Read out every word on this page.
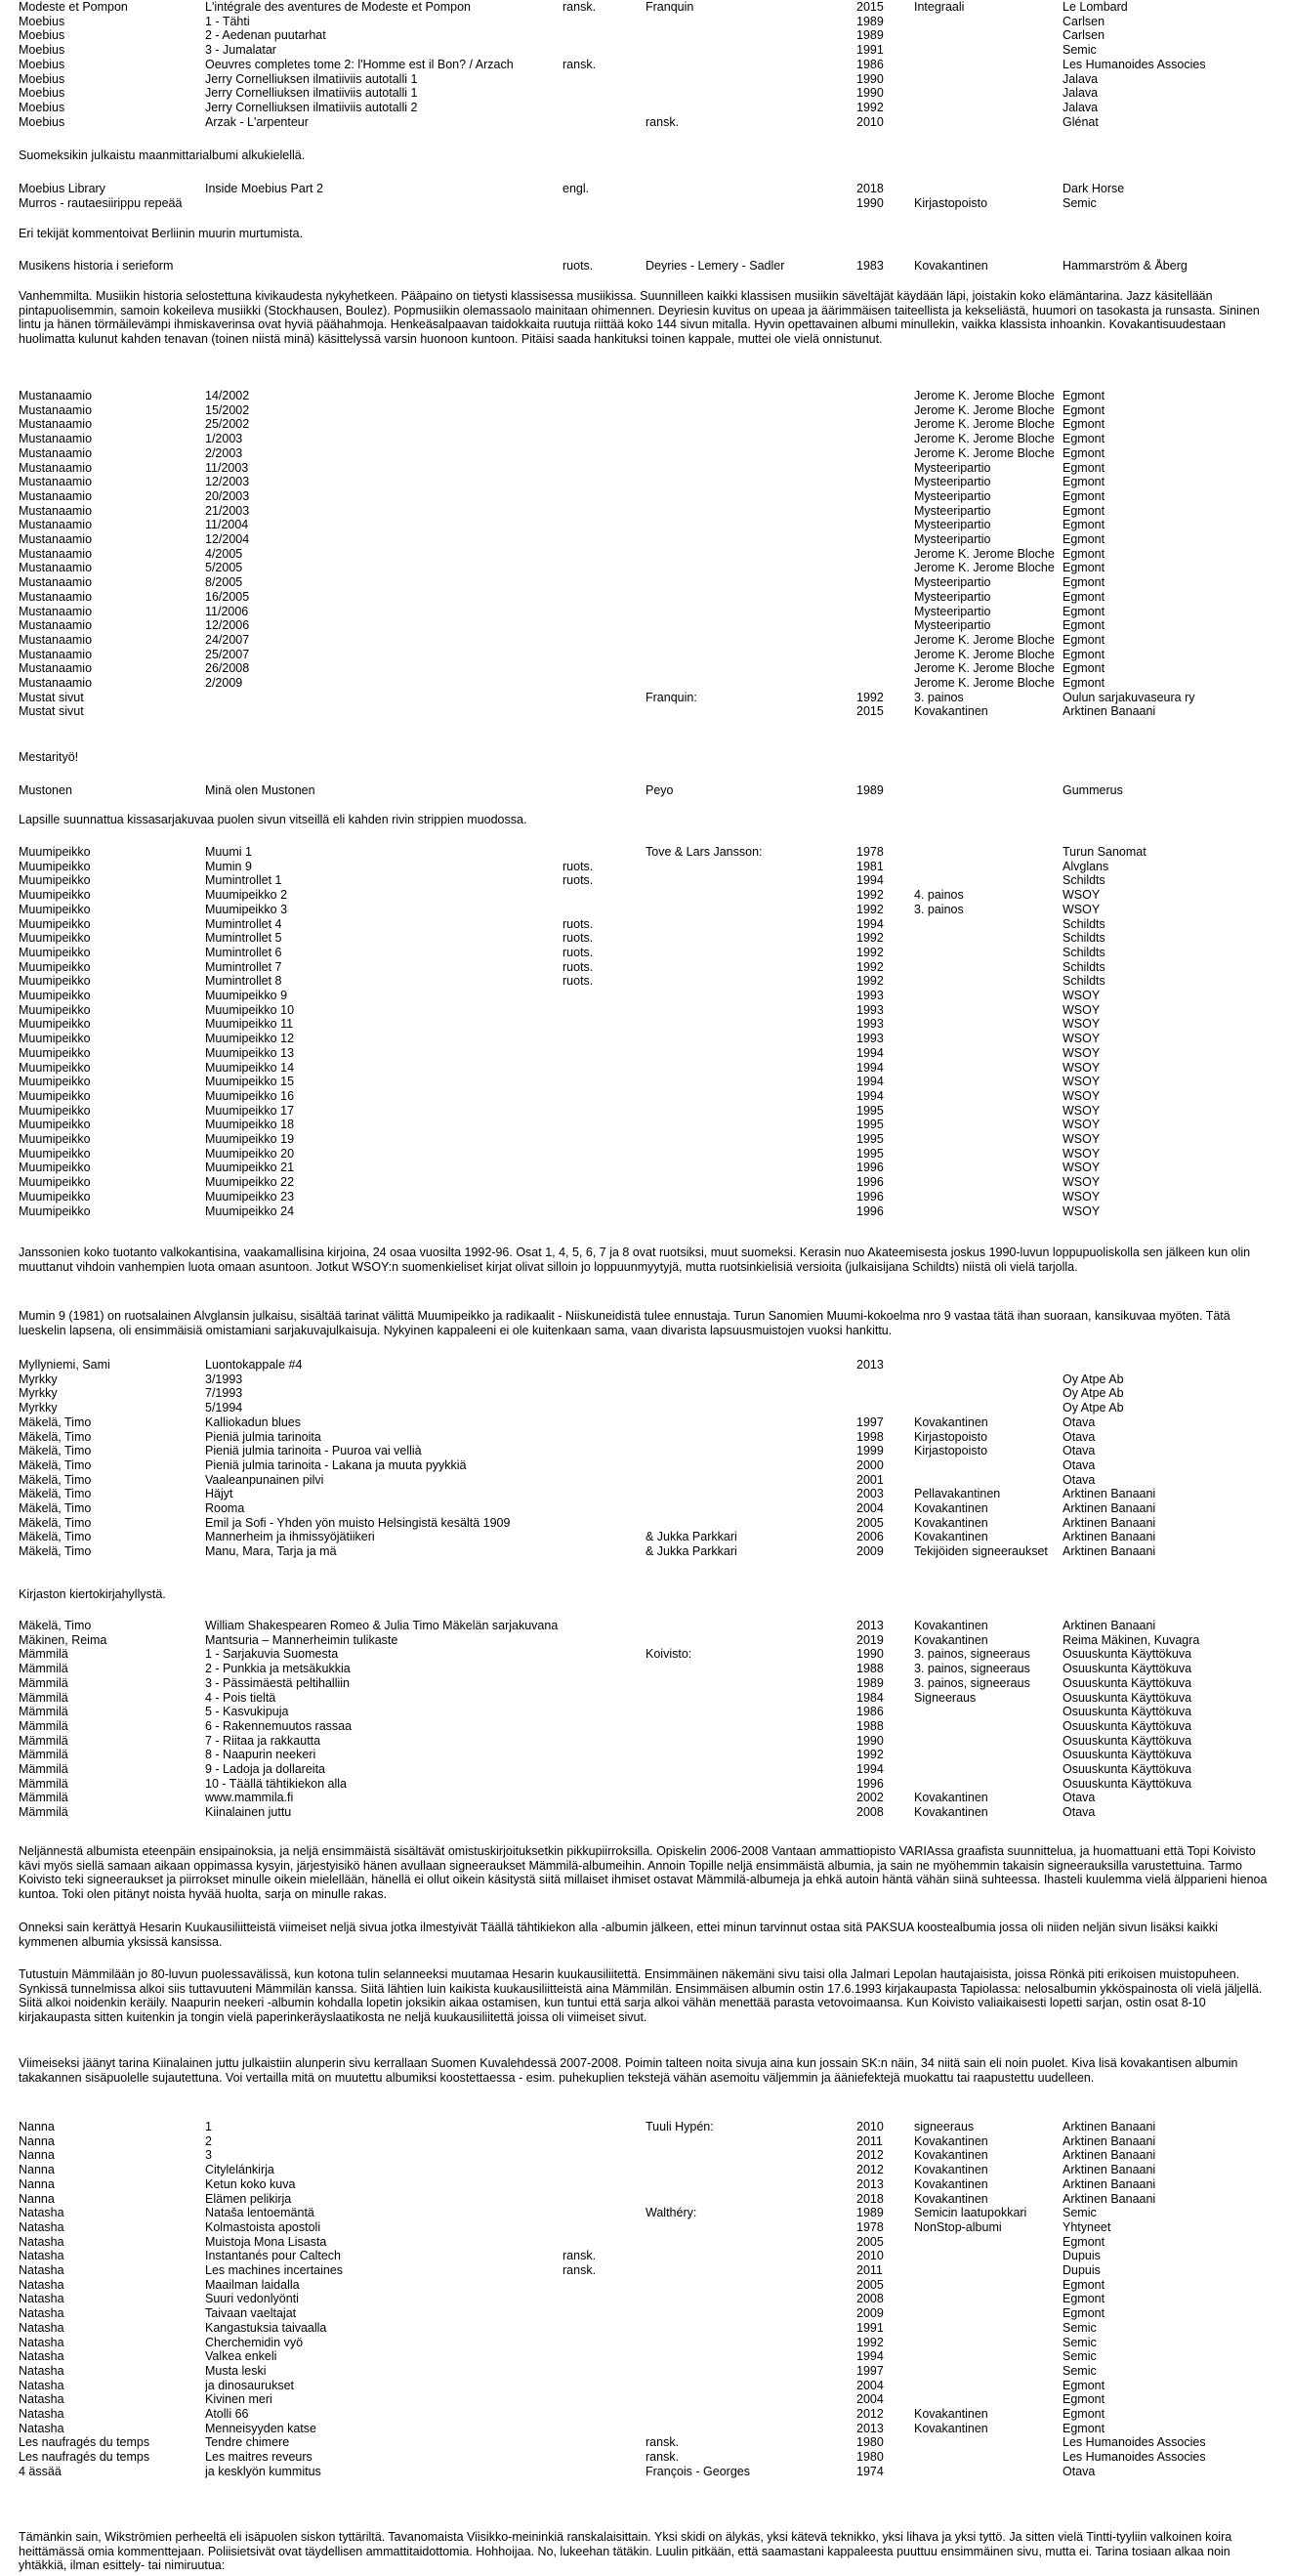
Modeste et Pompon	L'intégrale des aventures de Modeste et Pompon	ransk.	Franquin	2015	Integraali	Le Lombard
Moebius	1 - Tähti			1989		Carlsen
Moebius	2 - Aedenan puutarhat			1989		Carlsen
Moebius	3 - Jumalatar			1991		Semic
Moebius	Oeuvres completes tome 2: l'Homme est il Bon? / Arzach	ransk.		1986		Les Humanoides Associes
Moebius	Jerry Cornelliuksen ilmatiiviis autotalli 1			1990		Jalava
Moebius	Jerry Cornelliuksen ilmatiiviis autotalli 1			1990		Jalava
Moebius	Jerry Cornelliuksen ilmatiiviis autotalli 2			1992		Jalava
Moebius	Arzak - L'arpenteur		ransk.	2010		Glénat

Suomeksikin julkaistu maanmittarialbumi alkukielellä.

Moebius Library	Inside Moebius Part 2	engl.		2018		Dark Horse
Murros - rautaesiirippu repeää				1990	Kirjastopoisto	Semic

Eri tekijät kommentoivat Berliinin muurin murtumista.

Musikens historia i serieform		ruots.	Deyries - Lemery - Sadler	1983	Kovakantinen	Hammarström & Åberg

Vanhemmilta. Musiikin historia selostettuna kivikaudesta nykyhetkeen. Pääpaino on tietysti klassisessa musiikissa. Suunnilleen kaikki klassisen musiikin säveltäjät käydään läpi, joistakin koko elämäntarina. Jazz käsitellään pintapuolisemmin, samoin kokeileva musiikki (Stockhausen, Boulez). Popmusiikin olemassaolo mainitaan ohimennen. Deyriesin kuvitus on upeaa ja äärimmäisen taiteellista ja kekseliästä, huumori on tasokasta ja runsasta. Sininen lintu ja hänen törmäilevämpi ihmiskaverinsa ovat hyviä päähahmoja. Henkeäsalpaavan taidokkaita ruutuja riittää koko 144 sivun mitalla. Hyvin opettavainen albumi minullekin, vaikka klassista inhoankin. Kovakantisuudestaan huolimatta kulunut kahden tenavan (toinen niistä minä) käsittelyssä varsin huonoon kuntoon. Pitäisi saada hankituksi toinen kappale, muttei ole vielä onnistunut.

Mustanaamio	14/2002				Jerome K. Jerome Bloche	Egmont
Mustanaamio	15/2002				Jerome K. Jerome Bloche	Egmont
Mustanaamio	25/2002				Jerome K. Jerome Bloche	Egmont
Mustanaamio	1/2003				Jerome K. Jerome Bloche	Egmont
Mustanaamio	2/2003				Jerome K. Jerome Bloche	Egmont
Mustanaamio	11/2003				Mysteeripartio	Egmont
Mustanaamio	12/2003				Mysteeripartio	Egmont
Mustanaamio	20/2003				Mysteeripartio	Egmont
Mustanaamio	21/2003				Mysteeripartio	Egmont
Mustanaamio	11/2004				Mysteeripartio	Egmont
Mustanaamio	12/2004				Mysteeripartio	Egmont
Mustanaamio	4/2005				Jerome K. Jerome Bloche	Egmont
Mustanaamio	5/2005				Jerome K. Jerome Bloche	Egmont
Mustanaamio	8/2005				Mysteeripartio	Egmont
Mustanaamio	16/2005				Mysteeripartio	Egmont
Mustanaamio	11/2006				Mysteeripartio	Egmont
Mustanaamio	12/2006				Mysteeripartio	Egmont
Mustanaamio	24/2007				Jerome K. Jerome Bloche	Egmont
Mustanaamio	25/2007				Jerome K. Jerome Bloche	Egmont
Mustanaamio	26/2008				Jerome K. Jerome Bloche	Egmont
Mustanaamio	2/2009				Jerome K. Jerome Bloche	Egmont
Mustat sivut			Franquin:	1992	3. painos	Oulun sarjakuvaseura ry
Mustat sivut				2015	Kovakantinen	Arktinen Banaani

Mestarityö!

Mustonen	Minä olen Mustonen		Peyo	1989		Gummerus

Lapsille suunnattua kissasarjakuvaa puolen sivun vitseillä eli kahden rivin strippien muodossa.

Muumipeikko	Muumi 1		Tove & Lars Jansson:	1978		Turun Sanomat
Muumipeikko	Mumin 9	ruots.		1981		Alvglans
Muumipeikko	Mumintrollet 1	ruots.		1994		Schildts
Muumipeikko	Muumipeikko 2			1992	4. painos	WSOY
Muumipeikko	Muumipeikko 3			1992	3. painos	WSOY
Muumipeikko	Mumintrollet 4	ruots.		1994		Schildts
Muumipeikko	Mumintrollet 5	ruots.		1992		Schildts
Muumipeikko	Mumintrollet 6	ruots.		1992		Schildts
Muumipeikko	Mumintrollet 7	ruots.		1992		Schildts
Muumipeikko	Mumintrollet 8	ruots.		1992		Schildts
Muumipeikko	Muumipeikko 9			1993		WSOY
Muumipeikko	Muumipeikko 10			1993		WSOY
Muumipeikko	Muumipeikko 11			1993		WSOY
Muumipeikko	Muumipeikko 12			1993		WSOY
Muumipeikko	Muumipeikko 13			1994		WSOY
Muumipeikko	Muumipeikko 14			1994		WSOY
Muumipeikko	Muumipeikko 15			1994		WSOY
Muumipeikko	Muumipeikko 16			1994		WSOY
Muumipeikko	Muumipeikko 17			1995		WSOY
Muumipeikko	Muumipeikko 18			1995		WSOY
Muumipeikko	Muumipeikko 19			1995		WSOY
Muumipeikko	Muumipeikko 20			1995		WSOY
Muumipeikko	Muumipeikko 21			1996		WSOY
Muumipeikko	Muumipeikko 22			1996		WSOY
Muumipeikko	Muumipeikko 23			1996		WSOY
Muumipeikko	Muumipeikko 24			1996		WSOY

Janssonien koko tuotanto valkokantisina, vaakamallisina kirjoina, 24 osaa vuosilta 1992-96. Osat 1, 4, 5, 6, 7 ja 8 ovat ruotsiksi, muut suomeksi. Kerasin nuo Akateemisesta joskus 1990-luvun loppupuoliskolla sen jälkeen kun olin muuttanut vihdoin vanhempien luota omaan asuntoon. Jotkut WSOY:n suomenkieliset kirjat olivat silloin jo loppuunmyytyjä, mutta ruotsinkielisiä versioita (julkaisijana Schildts) niistä oli vielä tarjolla.

Mumin 9 (1981) on ruotsalainen Alvglansin julkaisu, sisältää tarinat välittä Muumipeikko ja radikaalit - Niiskuneidistä tulee ennustaja. Turun Sanomien Muumi-kokoelma nro 9 vastaa tätä ihan suoraan, kansikuvaa myöten. Tätä lueskelin lapsena, oli ensimmäisiä omistamiani sarjakuvajulkaisuja. Nykyinen kappaleeni ei ole kuitenkaan sama, vaan divarista lapsuusmuistojen vuoksi hankittu.

Myllyniemi, Sami	Luontokappale #4			2013		
Myrkky	3/1993					Oy Atpe Ab
Myrkky	7/1993					Oy Atpe Ab
Myrkky	5/1994					Oy Atpe Ab
Mäkelä, Timo	Kalliokadun blues			1997	Kovakantinen	Otava
Mäkelä, Timo	Pieniä julmia tarinoita			1998	Kirjastopoisto	Otava
Mäkelä, Timo	Pieniä julmia tarinoita - Puuroa vai vellià			1999	Kirjastopoisto	Otava
Mäkelä, Timo	Pieniä julmia tarinoita - Lakana ja muuta pyykkiä			2000		Otava
Mäkelä, Timo	Vaaleanpunainen pilvi			2001		Otava
Mäkelä, Timo	Häjyt			2003	Pellavakantinen	Arktinen Banaani
Mäkelä, Timo	Rooma			2004	Kovakantinen	Arktinen Banaani
Mäkelä, Timo	Emil ja Sofi - Yhden yön muisto Helsingistä kesältä 1909			2005	Kovakantinen	Arktinen Banaani
Mäkelä, Timo	Mannerheim ja ihmissyöjätiikeri		& Jukka Parkkari	2006	Kovakantinen	Arktinen Banaani
Mäkelä, Timo	Manu, Mara, Tarja ja mä		& Jukka Parkkari	2009	Tekijöiden signeeraukset	Arktinen Banaani

Kirjaston kiertokirjahyllystä.

Mäkelä, Timo	William Shakespearen Romeo & Julia Timo Mäkelän sarjakuvana			2013	Kovakantinen	Arktinen Banaani
Mäkinen, Reima	Mantsuria – Mannerheimin tulikaste			2019	Kovakantinen	Reima Mäkinen, Kuvagra
Mämmilä	1 - Sarjakuvia Suomesta		Koivisto:	1990	3. painos, signeeraus	Osuuskunta Käyttökuva
Mämmilä	2 - Punkkia ja metsäkukkia			1988	3. painos, signeeraus	Osuuskunta Käyttökuva
Mämmilä	3 - Pässimäestä peltihalliin			1989	3. painos, signeeraus	Osuuskunta Käyttökuva
Mämmilä	4 - Pois tieltä			1984	Signeeraus	Osuuskunta Käyttökuva
Mämmilä	5 - Kasvukipuja			1986		Osuuskunta Käyttökuva
Mämmilä	6 - Rakennemuutos rassaa			1988		Osuuskunta Käyttökuva
Mämmilä	7 - Riitaa ja rakkautta			1990		Osuuskunta Käyttökuva
Mämmilä	8 - Naapurin neekeri			1992		Osuuskunta Käyttökuva
Mämmilä	9 - Ladoja ja dollareita			1994		Osuuskunta Käyttökuva
Mämmilä	10 - Täällä tähtikiekon alla			1996		Osuuskunta Käyttökuva
Mämmilä	www.mammila.fi			2002	Kovakantinen	Otava
Mämmilä	Kiinalainen juttu			2008	Kovakantinen	Otava

Neljännestä albumista eteenpäin ensipainoksia, ja neljä ensimmäistä sisältävät omistuskirjoituksetkin pikkupiirroksilla. Opiskelin 2006-2008 Vantaan ammattiopisto VARIAssa graafista suunnittelua, ja huomattuani että Topi Koivisto kävi myös siellä samaan aikaan oppimassa kysyin, järjestyisikö hänen avullaan signeeraukset Mämmilä-albumeihin. Annoin Topille neljä ensimmäistä albumia, ja sain ne myöhemmin takaisin signeerauksilla varustettuina. Tarmo Koivisto teki signeeraukset ja piirrokset minulle oikein mielellään, hänellä ei ollut oikein käsitystä siitä millaiset ihmiset ostavat Mämmilä-albumeja ja ehkä autoin häntä vähän siinä suhteessa. Ihasteli kuulemma vielä älpparieni hienoa kuntoa. Toki olen pitänyt noista hyvää huolta, sarja on minulle rakas.

Onneksi sain kerättyä Hesarin Kuukausiliitteistä viimeiset neljä sivua jotka ilmestyivät Täällä tähtikiekon alla -albumin jälkeen, ettei minun tarvinnut ostaa sitä PAKSUA koostealbumia jossa oli niiden neljän sivun lisäksi kaikki kymmenen albumia yksissä kansissa.

Tutustuin Mämmilään jo 80-luvun puolessavälissä, kun kotona tulin selanneeksi muutamaa Hesarin kuukausiliitettä. Ensimmäinen näkemäni sivu taisi olla Jalmari Lepolan hautajaisista, joissa Rönkä piti erikoisen muistopuheen. Synkissä tunnelmissa alkoi siis tuttavuuteni Mämmilän kanssa. Siitä lähtien luin kaikista kuukausiliitteistä aina Mämmilän. Ensimmäisen albumin ostin 17.6.1993 kirjakaupasta Tapiolassa: nelosalbumin ykköspainosta oli vielä jäljellä. Siitä alkoi noidenkin keräily. Naapurin neekeri -albumin kohdalla lopetin joksikin aikaa ostamisen, kun tuntui että sarja alkoi vähän menettää parasta vetovoimaansa. Kun Koivisto valiaikaisesti lopetti sarjan, ostin osat 8-10 kirjakaupasta sitten kuitenkin ja tongin vielä paperinkeräyslaatikosta ne neljä kuukausiliitettä joissa oli viimeiset sivut.

Viimeiseksi jäänyt tarina Kiinalainen juttu julkaistiin alunperin sivu kerrallaan Suomen Kuvalehdessä 2007-2008. Poimin talteen noita sivuja aina kun jossain SK:n näin, 34 niitä sain eli noin puolet. Kiva lisä kovakantisen albumin takakannen sisäpuolelle sujautettuna. Voi vertailla mitä on muutettu albumiksi koostettaessa - esim. puhekuplien tekstejä vähän asemoitu väljemmin ja ääniefektejä muokattu tai raapustettu uudelleen.

Nanna	1		Tuuli Hypén:	2010	signeeraus	Arktinen Banaani
Nanna	2			2011	Kovakantinen	Arktinen Banaani
Nanna	3			2012	Kovakantinen	Arktinen Banaani
Nanna	Citylelánkirja			2012	Kovakantinen	Arktinen Banaani
Nanna	Ketun koko kuva			2013	Kovakantinen	Arktinen Banaani
Nanna	Elämen pelikirja			2018	Kovakantinen	Arktinen Banaani
Natasha	Nataša lentoemäntä		Walthéry:	1989	Semicin laatupokkari	Semic
Natasha	Kolmastoista apostoli			1978	NonStop-albumi	Yhtyneet
Natasha	Muistoja Mona Lisasta			2005		Egmont
Natasha	Instantanés pour Caltech	ransk.		2010		Dupuis
Natasha	Les machines incertaines	ransk.		2011		Dupuis
Natasha	Maailman laidalla			2005		Egmont
Natasha	Suuri vedonlyönti			2008		Egmont
Natasha	Taivaan vaeltajat			2009		Egmont
Natasha	Kangastuksia taivaalla			1991		Semic
Natasha	Cherchemidin vyö			1992		Semic
Natasha	Valkea enkeli			1994		Semic
Natasha	Musta leski			1997		Semic
Natasha	ja dinosaurukset			2004		Egmont
Natasha	Kivinen meri			2004		Egmont
Natasha	Atolli 66			2012	Kovakantinen	Egmont
Natasha	Menneisyyden katse			2013	Kovakantinen	Egmont
Les naufragés du temps	Tendre chimere		ransk.	1980		Les Humanoides Associes
Les naufragés du temps	Les maitres reveurs		ransk.	1980		Les Humanoides Associes
4 ässää	ja kesklyön kummitus		François - Georges	1974		Otava

Tämänkin sain, Wikströmien perheeltä eli isäpuolen siskon tyttäriltä. Tavanomaista Viisikko-meininkiä ranskalaisittain. Yksi skidi on älykäs, yksi kätevä teknikko, yksi lihava ja yksi tyttö. Ja sitten vielä Tintti-tyyliin valkoinen koira heittämässä omia kommenttejaan. Poliisietsivät ovat täydellisen ammattitaidottomia. Hohhoijaa. No, lukeehan tätäkin. Luulin pitkään, että saamastani kappaleesta puuttuu ensimmäinen sivu, mutta ei. Tarina tosiaan alkaa noin yhtäkkiä, ilman esittely- tai nimiruutua:
